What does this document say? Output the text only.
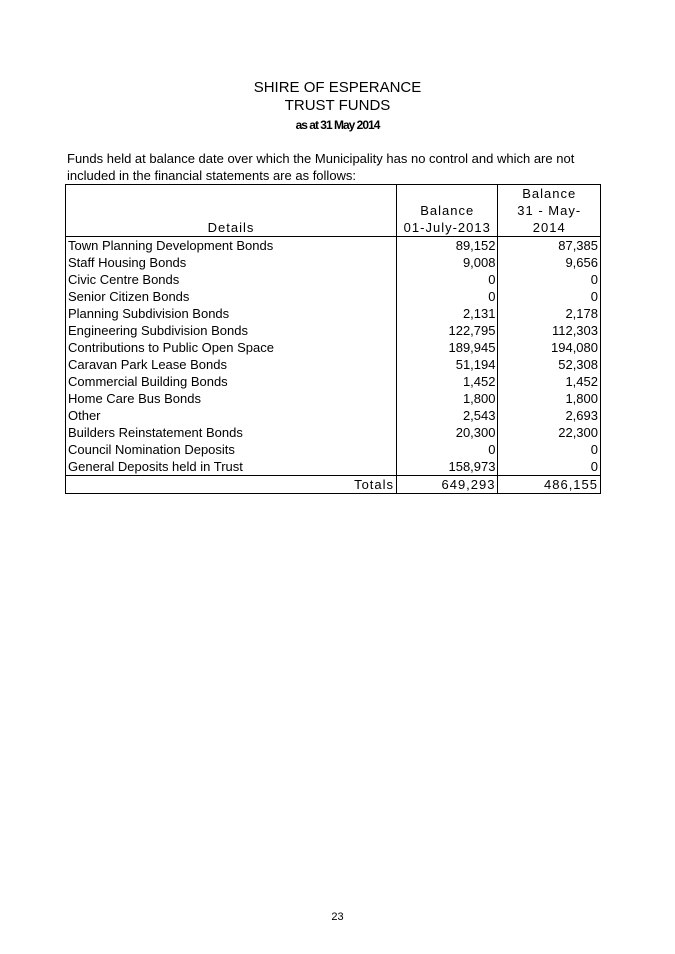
SHIRE OF ESPERANCE
TRUST FUNDS
as at 31 May 2014
Funds held at balance date over which the Municipality has no control and which are not included in the financial statements are as follows:
Details		Balance
	Balance	31 - May-
	01-July-2013	2014
Town Planning Development Bonds	89,152	87,385
Staff Housing Bonds	9,008	9,656
Civic Centre Bonds	0	0
Senior Citizen Bonds	0	0
Planning Subdivision Bonds	2,131	2,178
Engineering Subdivision Bonds	122,795	112,303
Contributions to Public Open Space	189,945	194,080
Caravan Park Lease Bonds	51,194	52,308
Commercial Building Bonds	1,452	1,452
Home Care Bus Bonds	1,800	1,800
Other	2,543	2,693
Builders Reinstatement Bonds	20,300	22,300
Council Nomination Deposits	0	0
General Deposits held in Trust	158,973	0
Totals	649,293	486,155
23
